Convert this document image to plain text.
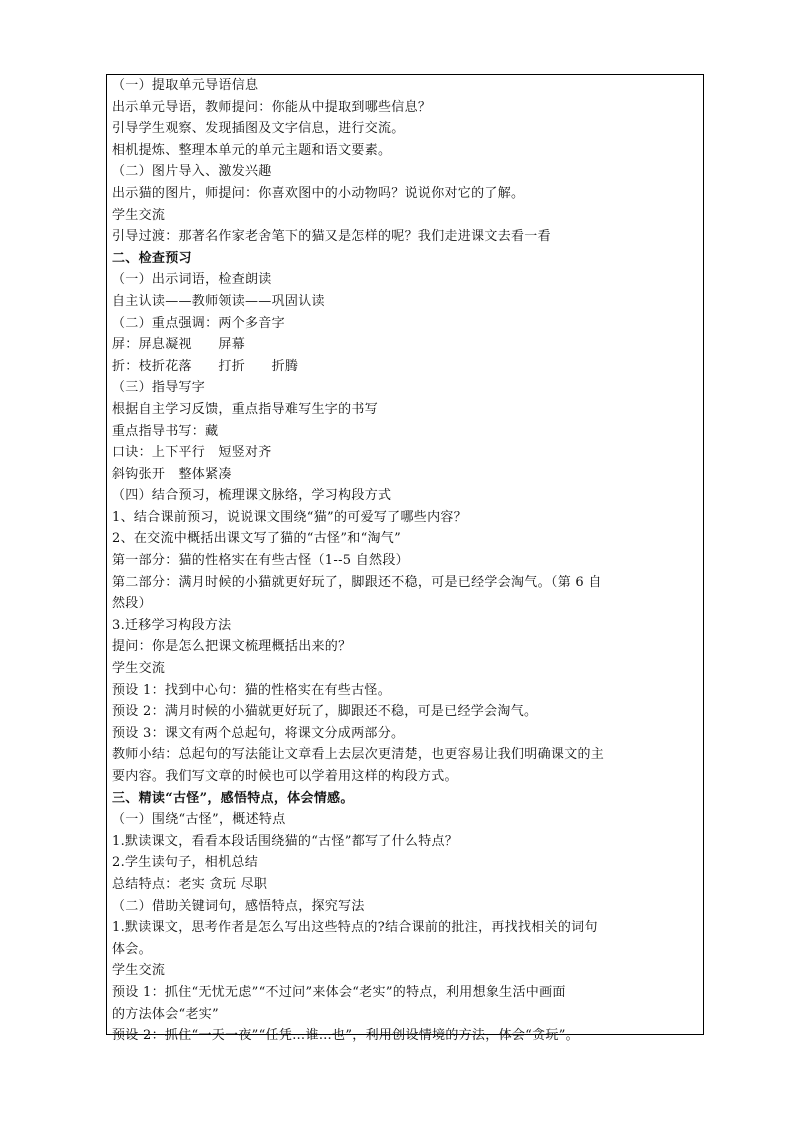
（一）提取单元导语信息
出示单元导语，教师提问：你能从中提取到哪些信息？
引导学生观察、发现插图及文字信息，进行交流。
相机提炼、整理本单元的单元主题和语文要素。
（二）图片导入、激发兴趣
出示猫的图片，师提问：你喜欢图中的小动物吗？说说你对它的了解。
学生交流
引导过渡：那著名作家老舍笔下的猫又是怎样的呢？我们走进课文去看一看
二、检查预习
（一）出示词语，检查朗读
自主认读——教师领读——巩固认读
（二）重点强调：两个多音字
屏：屏息凝视　　屏幕
折：枝折花落　　打折　　折腾
（三）指导写字
根据自主学习反馈，重点指导难写生字的书写
重点指导书写：藏
口诀：上下平行　短竖对齐
斜钩张开　整体紧凑
（四）结合预习，梳理课文脉络，学习构段方式
1、结合课前预习，说说课文围绕“猫”的可爱写了哪些内容？
2、在交流中概括出课文写了猫的“古怪”和“淘气”
第一部分：猫的性格实在有些古怪（1--5 自然段）
第二部分：满月时候的小猫就更好玩了，脚跟还不稳，可是已经学会淘气。（第 6 自
然段）
3.迁移学习构段方法
提问：你是怎么把课文梳理概括出来的？
学生交流
预设 1：找到中心句：猫的性格实在有些古怪。
预设 2：满月时候的小猫就更好玩了，脚跟还不稳，可是已经学会淘气。
预设 3：课文有两个总起句，将课文分成两部分。
教师小结：总起句的写法能让文章看上去层次更清楚，也更容易让我们明确课文的主
要内容。我们写文章的时候也可以学着用这样的构段方式。
三、精读“古怪”，感悟特点，体会情感。
（一）围绕“古怪”，概述特点
1.默读课文，看看本段话围绕猫的“古怪”都写了什么特点？
2.学生读句子，相机总结
总结特点：老实 贪玩 尽职
（二）借助关键词句，感悟特点，探究写法
1.默读课文，思考作者是怎么写出这些特点的?结合课前的批注，再找找相关的词句
体会。
学生交流
预设 1：抓住“无忧无虑”“不过问”来体会“老实”的特点，利用想象生活中画面
的方法体会“老实”
预设 2：抓住“一天一夜”“任凭…谁…也”，利用创设情境的方法，体会“贪玩”。
